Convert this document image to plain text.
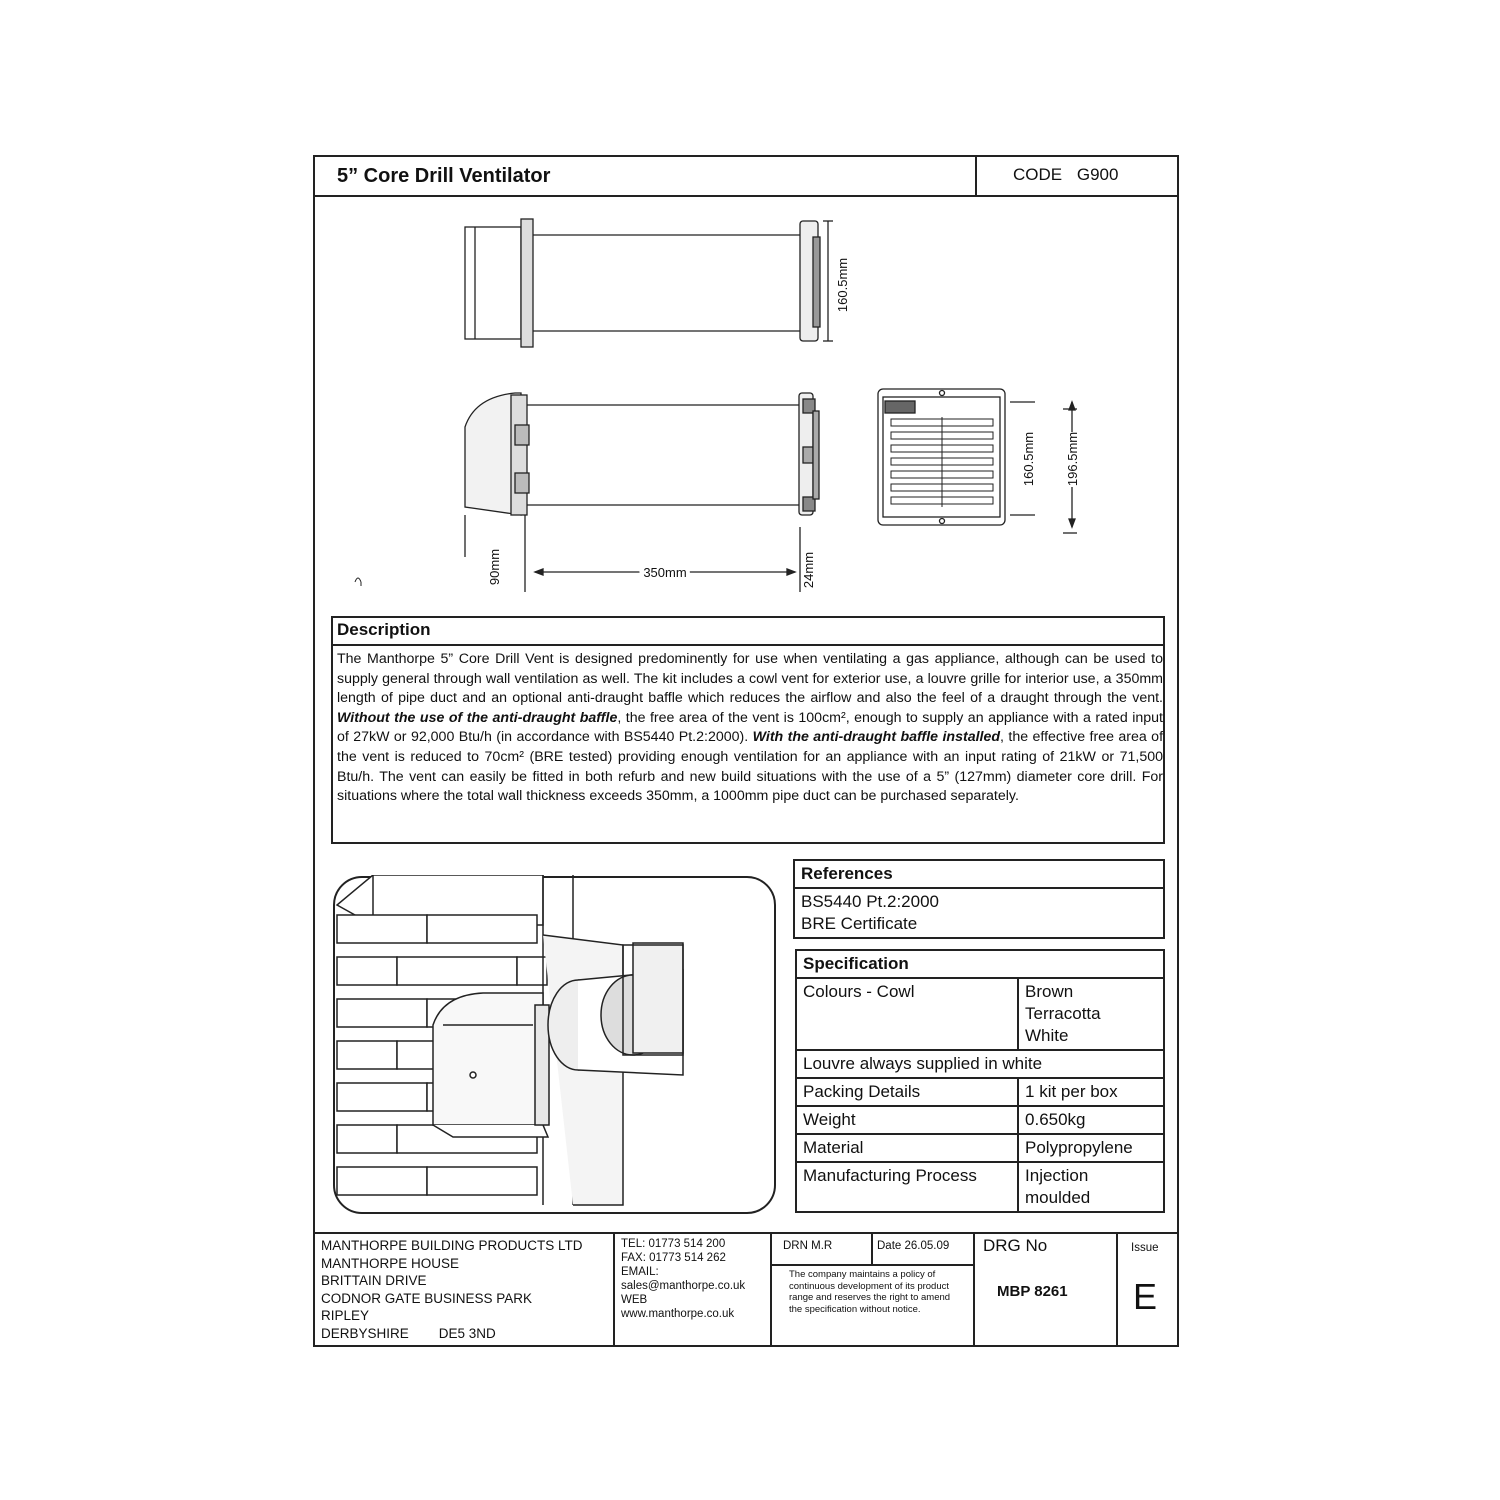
5” Core Drill Ventilator	CODE G900
160.5mm
160.5mm 196.5mm
90mm	350mm	24mm
Description
The Manthorpe 5” Core Drill Vent is designed predominently for use when ventilating a gas appliance, although can be used to supply general through wall ventilation as well. The kit includes a cowl vent for exterior use, a louvre grille for interior use, a 350mm length of pipe duct and an optional anti-draught baffle which reduces the airflow and also the feel of a draught through the vent. Without the use of the anti-draught baffle, the free area of the vent is 100cm², enough to supply an appliance with a rated input of 27kW or 92,000 Btu/h (in accordance with BS5440 Pt.2:2000). With the anti-draught baffle installed, the effective free area of the vent is reduced to 70cm² (BRE tested) providing enough ventilation for an appliance with an input rating of 21kW or 71,500 Btu/h. The vent can easily be fitted in both refurb and new build situations with the use of a 5” (127mm) diameter core drill. For situations where the total wall thickness exceeds 350mm, a 1000mm pipe duct can be purchased separately.
References

BS5440 Pt.2:2000
BRE Certificate
Specification	
Colours - Cowl	Brown
Terracotta
White

Louvre always supplied in white	
Packing Details	1 kit per box
Weight	0.650kg
Material	Polypropylene
Manufacturing Process	Injection moulded
MANTHORPE BUILDING PRODUCTS LTD
MANTHORPE HOUSE
BRITTAIN DRIVE
CODNOR GATE BUSINESS PARK
RIPLEY
DERBYSHIRE DE5 3ND
TEL: 01773 514 200
FAX: 01773 514 262
EMAIL:
sales@manthorpe.co.uk
WEB
www.manthorpe.co.uk
DRN M.R	Date 26.05.09
The company maintains a policy of continuous development of its product range and reserves the right to amend the specification without notice.
DRG No
MBP 8261
Issue
E
